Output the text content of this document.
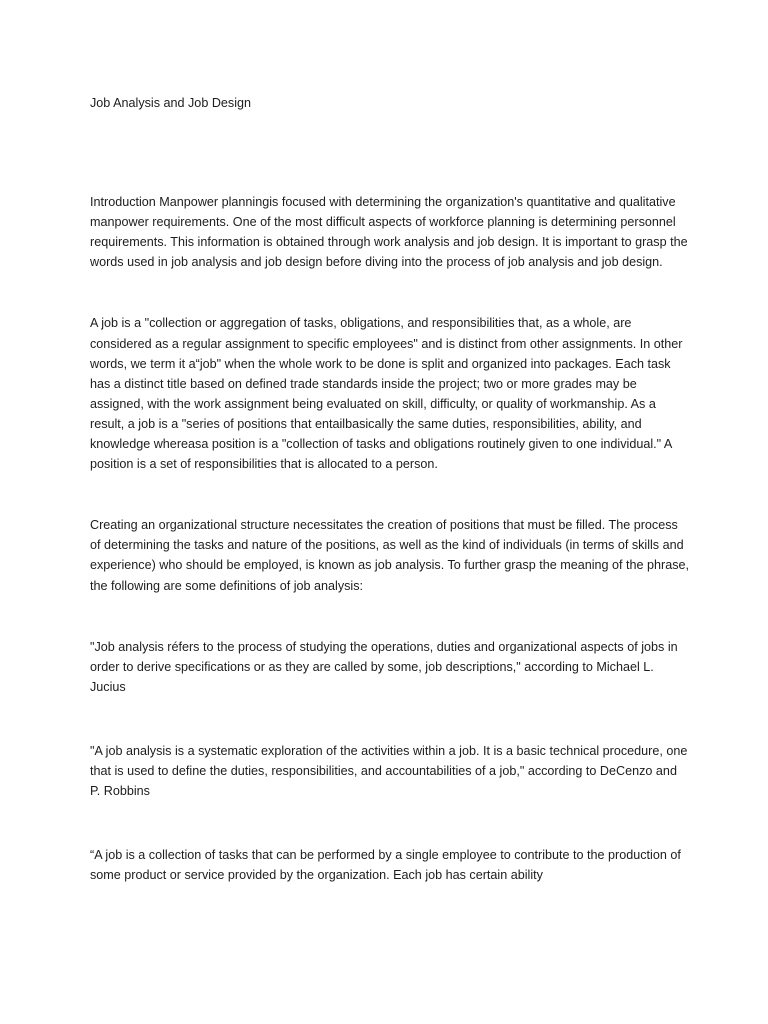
Job Analysis and Job Design

Introduction Manpower planningis focused with determining the organization's quantitative and qualitative manpower requirements. One of the most difficult aspects of workforce planning is determining personnel requirements. This information is obtained through work analysis and job design. It is important to grasp the words used in job analysis and job design before diving into the process of job analysis and job design.

A job is a "collection or aggregation of tasks, obligations, and responsibilities that, as a whole, are considered as a regular assignment to specific employees" and is distinct from other assignments. In other words, we term it a“job" when the whole work to be done is split and organized into packages. Each task has a distinct title based on defined trade standards inside the project; two or more grades may be assigned, with the work assignment being evaluated on skill, difficulty, or quality of workmanship. As a result, a job is a "series of positions that entailbasically the same duties, responsibilities, ability, and knowledge whereasa position is a "collection of tasks and obligations routinely given to one individual." A position is a set of responsibilities that is allocated to a person.

Creating an organizational structure necessitates the creation of positions that must be filled. The process of determining the tasks and nature of the positions, as well as the kind of individuals (in terms of skills and experience) who should be employed, is known as job analysis. To further grasp the meaning of the phrase, the following are some definitions of job analysis:

"Job analysis réfers to the process of studying the operations, duties and organizational aspects of jobs in order to derive specifications or as they are called by some, job descriptions," according to Michael L. Jucius

"A job analysis is a systematic exploration of the activities within a job. It is a basic technical procedure, one that is used to define the duties, responsibilities, and accountabilities of a job," according to DeCenzo and P. Robbins

“A job is a collection of tasks that can be performed by a single employee to contribute to the production of some product or service provided by the organization. Each job has certain ability
